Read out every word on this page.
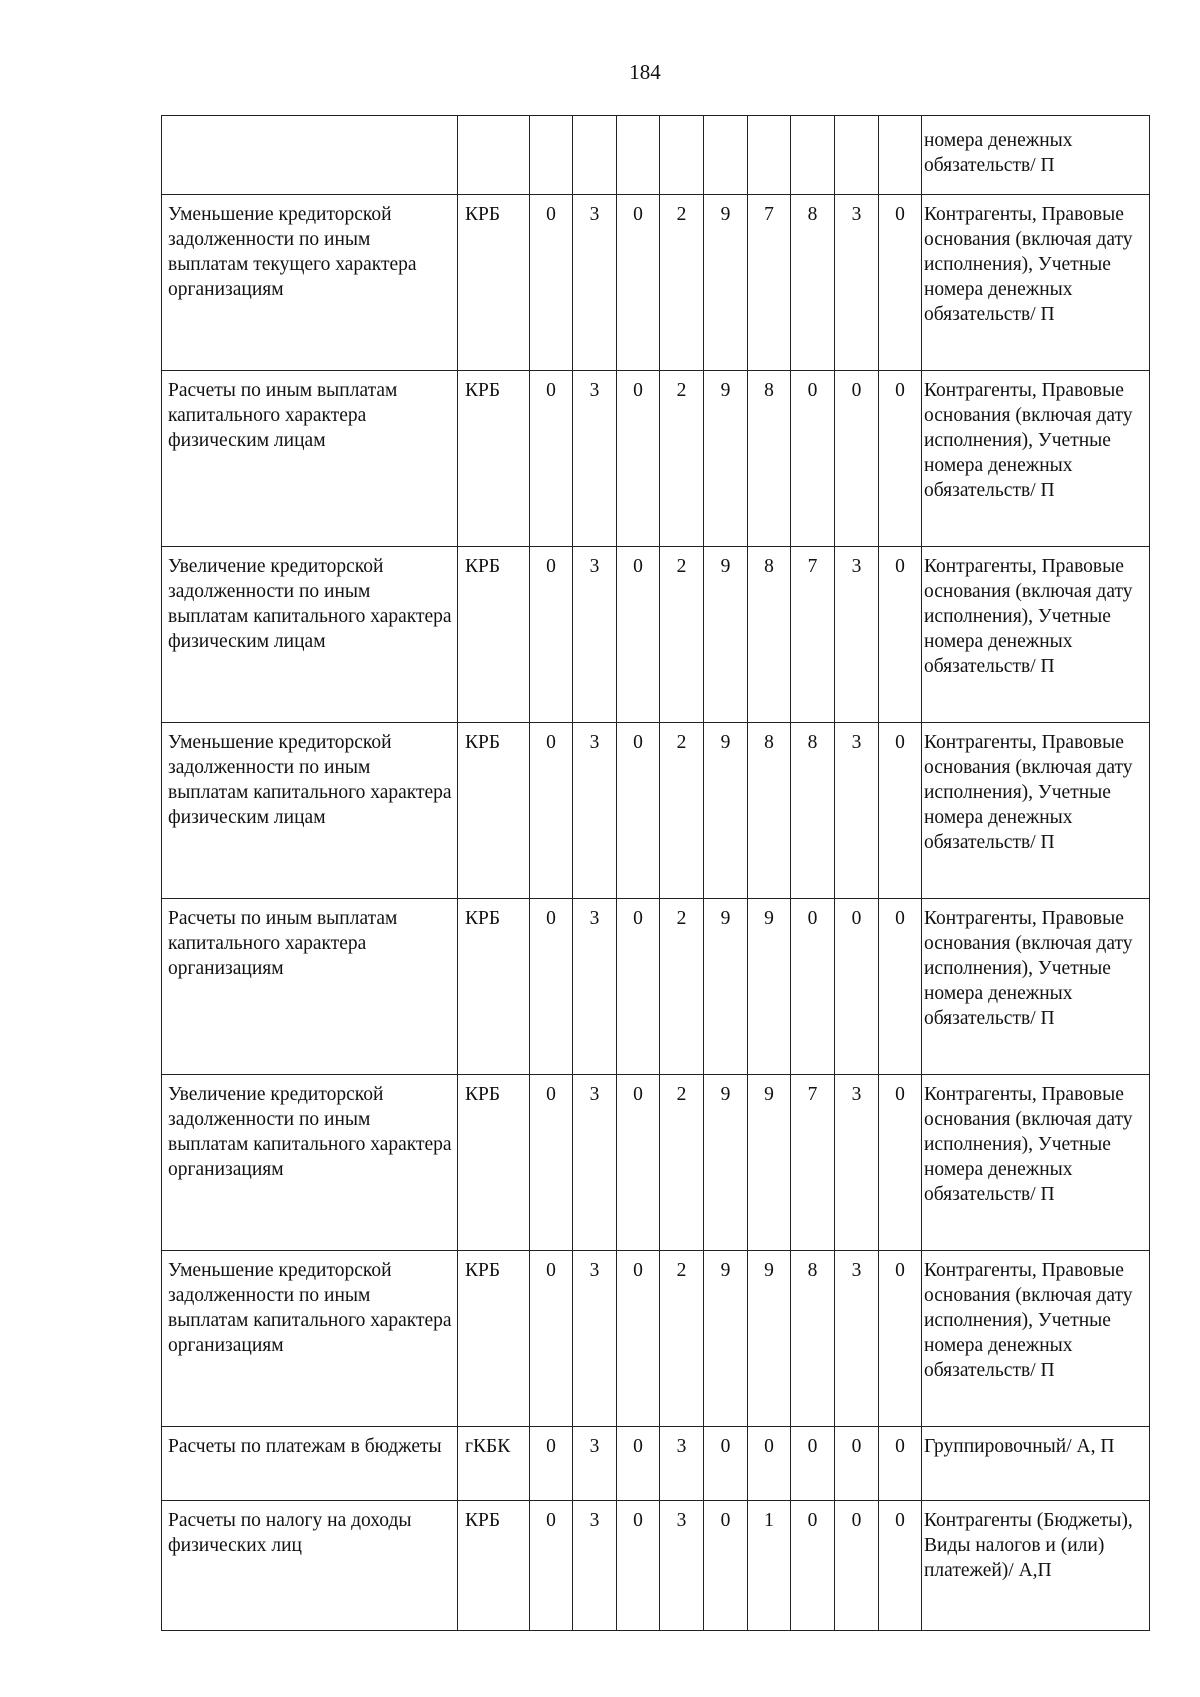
184
											номера денежных обязательств/ П
Уменьшение кредиторской задолженности по иным выплатам текущего характера организациям	КРБ	0	3	0	2	9	7	8	3	0	Контрагенты, Правовые основания (включая дату исполнения), Учетные номера денежных обязательств/ П
Расчеты по иным выплатам капитального характера физическим лицам	КРБ	0	3	0	2	9	8	0	0	0	Контрагенты, Правовые основания (включая дату исполнения), Учетные номера денежных обязательств/ П
Увеличение кредиторской задолженности по иным выплатам капитального характера физическим лицам	КРБ	0	3	0	2	9	8	7	3	0	Контрагенты, Правовые основания (включая дату исполнения), Учетные номера денежных обязательств/ П
Уменьшение кредиторской задолженности по иным выплатам капитального характера физическим лицам	КРБ	0	3	0	2	9	8	8	3	0	Контрагенты, Правовые основания (включая дату исполнения), Учетные номера денежных обязательств/ П
Расчеты по иным выплатам капитального характера организациям	КРБ	0	3	0	2	9	9	0	0	0	Контрагенты, Правовые основания (включая дату исполнения), Учетные номера денежных обязательств/ П
Увеличение кредиторской задолженности по иным выплатам капитального характера организациям	КРБ	0	3	0	2	9	9	7	3	0	Контрагенты, Правовые основания (включая дату исполнения), Учетные номера денежных обязательств/ П
Уменьшение кредиторской задолженности по иным выплатам капитального характера организациям	КРБ	0	3	0	2	9	9	8	3	0	Контрагенты, Правовые основания (включая дату исполнения), Учетные номера денежных обязательств/ П
Расчеты по платежам в бюджеты	гКБК	0	3	0	3	0	0	0	0	0	Группировочный/ А, П
Расчеты по налогу на доходы физических лиц	КРБ	0	3	0	3	0	1	0	0	0	Контрагенты (Бюджеты), Виды налогов и (или) платежей)/ А,П
